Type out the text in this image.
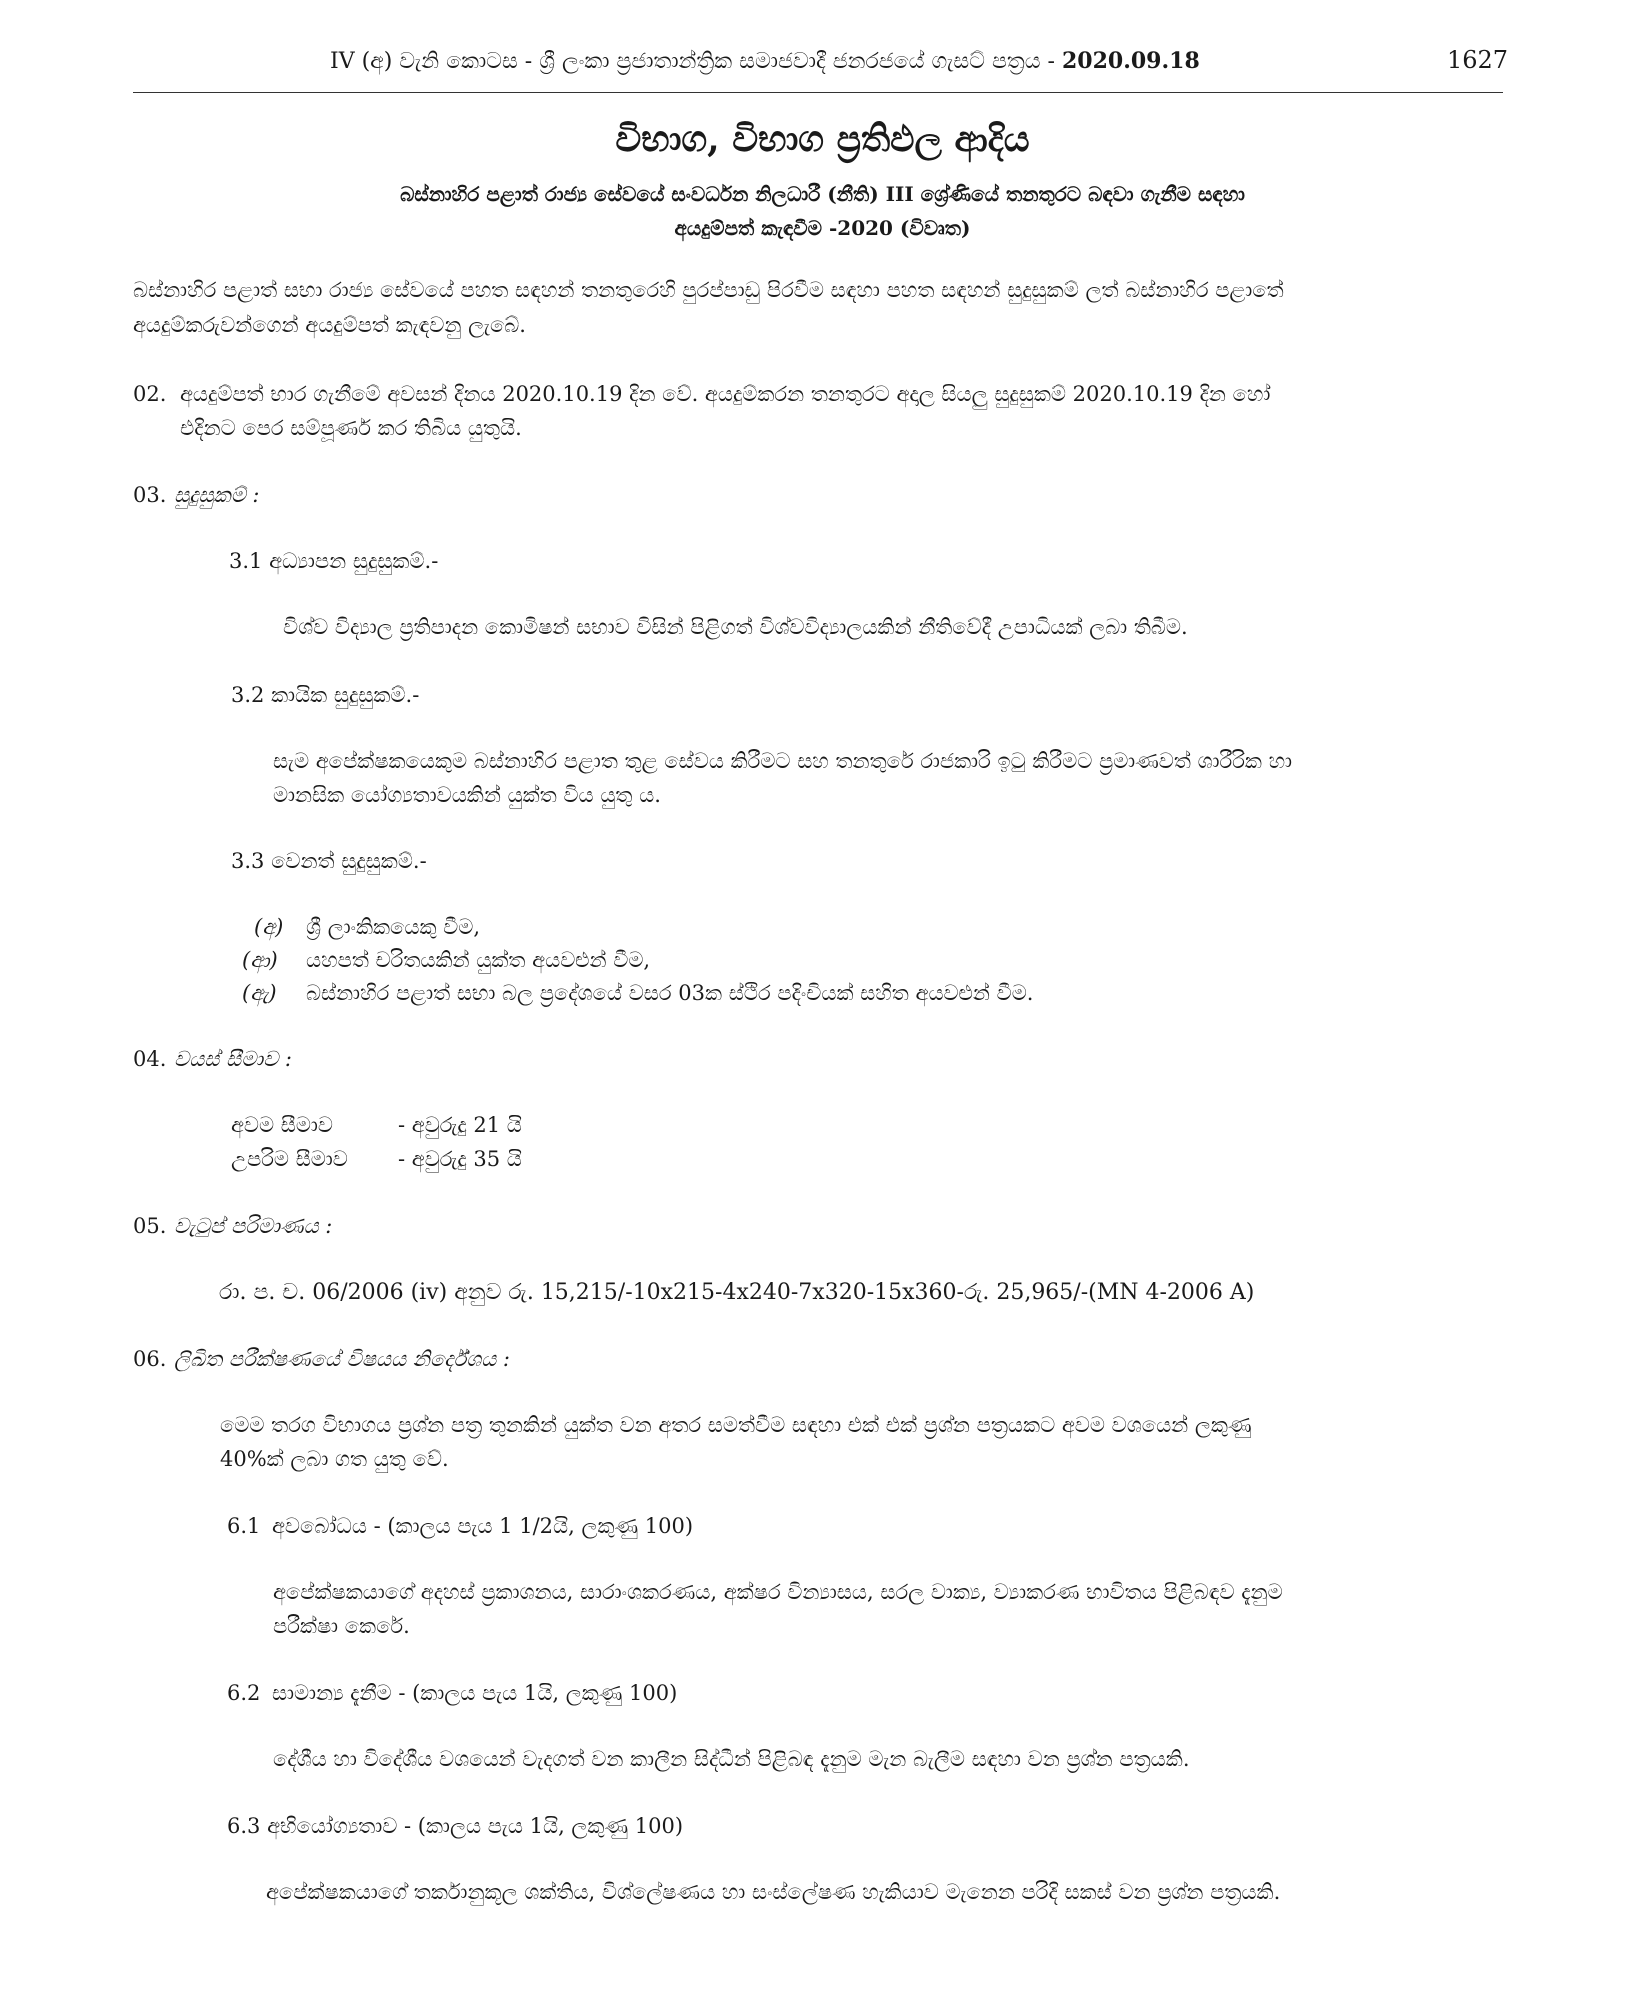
IV (අ) වැනි කොටස - ශ්‍රී ලංකා ප්‍රජාතාන්ත්‍රික සමාජවාදී ජනරජයේ ගැසට් පත්‍රය - 2020.09.18	1627
විභාග, විභාග ප්‍රතිඵල ආදිය
බස්නාහිර පළාත් රාජ්‍ය සේවයේ සංවර්ධන නිලධාරී (නීති) III ශ්‍රේණියේ තනතුරට බඳවා ගැනීම සඳහා
අයදුම්පත් කැඳවීම -2020 (විවෘත)
බස්නාහිර පළාත් සභා රාජ්‍ය සේවයේ පහත සඳහන් තනතුරෙහි පුරප්පාඩු පිරවීම සඳහා පහත සඳහන් සුදුසුකම් ලත් බස්නාහිර පළාතේ
අයදුම්කරුවන්ගෙන් අයදුම්පත් කැඳවනු ලැබේ.
02. අයදුම්පත් භාර ගැනීමේ අවසන් දිනය 2020.10.19 දින වේ. අයදුම්කරන තනතුරට අදාල සියලු සුදුසුකම් 2020.10.19 දින හෝ
එදිනට පෙර සම්පූර්ණ කර තිබිය යුතුයි.
03. සුදුසුකම් :
3.1 අධ්‍යාපන සුදුසුකම්.-
විශ්ව විද්‍යාල ප්‍රතිපාදන කොමිෂන් සභාව විසින් පිළිගත් විශ්වවිද්‍යාලයකින් නීතිවේදී උපාධියක් ලබා තිබීම.
3.2 කායික සුදුසුකම්.-
සැම අපේක්ෂකයෙකුම බස්නාහිර පළාත තුළ සේවය කිරීමට සහ තනතුරේ රාජකාරි ඉටු කිරීමට ප්‍රමාණවත් ශාරීරික හා
මානසික යෝග්‍යතාවයකින් යුක්ත විය යුතු ය.
3.3 වෙනත් සුදුසුකම්.-
(අ) ශ්‍රී ලාංකිකයෙකු වීම,
(ආ) යහපත් චරිතයකින් යුක්ත අයවළුන් වීම,
(ඇ) බස්නාහිර පළාත් සභා බල ප්‍රදේශයේ වසර 03ක ස්ථිර පදිංචියක් සහිත අයවළුන් වීම.
04. වයස් සීමාව :
අවම සීමාව	- අවුරුදු 21 යි
උපරිම සීමාව - අවුරුදු 35 යි
05. වැටුප් පරිමාණය :
රා. ප. ච. 06/2006 (iv) අනුව රු. 15,215/-10x215-4x240-7x320-15x360-රු. 25,965/-(MN 4-2006 A)
06. ලිඛිත පරීක්ෂණයේ විෂයය නිර්දේශය :
මෙම තරග විභාගය ප්‍රශ්න පත්‍ර තුනකින් යුක්ත වන අතර සමත්වීම සඳහා එක් එක් ප්‍රශ්න පත්‍රයකට අවම වශයෙන් ලකුණු
40%ක් ලබා ගත යුතු වේ.
6.1 අවබෝධය - (කාලය පැය 1 1/2යි, ලකුණු 100)
අපේක්ෂකයාගේ අදහස් ප්‍රකාශනය, සාරාංශකරණය, අක්ෂර වින්‍යාසය, සරල වාක්‍ය, ව්‍යාකරණ භාවිතය පිළිබඳව දැනුම
පරීක්ෂා කෙරේ.
6.2 සාමාන්‍ය දැනීම - (කාලය පැය 1යි, ලකුණු 100)
දේශීය හා විදේශීය වශයෙන් වැදගත් වන කාලීන සිද්ධීන් පිළිබඳ දැනුම මැන බැලීම සඳහා වන ප්‍රශ්න පත්‍රයකි.
6.3 අභියෝග්‍යතාව - (කාලය පැය 1යි, ලකුණු 100)
අපේක්ෂකයාගේ තර්කානුකූල ශක්තිය, විශ්ලේෂණය හා සංස්ලේෂණ හැකියාව මැනෙන පරිදි සකස් වන ප්‍රශ්න පත්‍රයකි.
